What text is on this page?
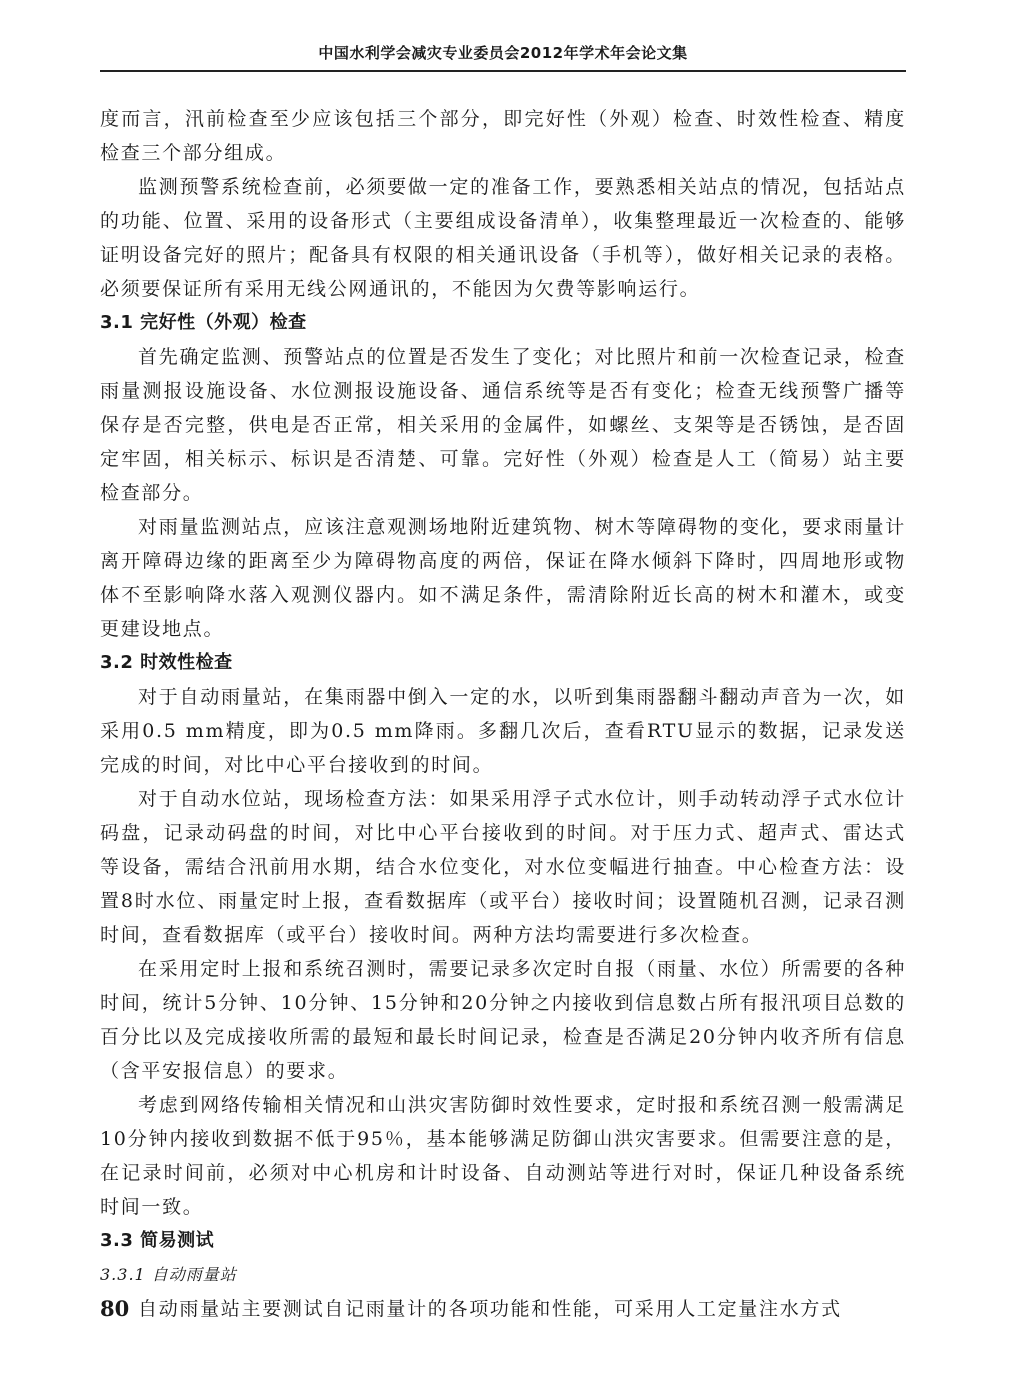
中国水利学会减灾专业委员会2012年学术年会论文集
度而言，汛前检查至少应该包括三个部分，即完好性（外观）检查、时效性检查、精度检查三个部分组成。
监测预警系统检查前，必须要做一定的准备工作，要熟悉相关站点的情况，包括站点的功能、位置、采用的设备形式（主要组成设备清单），收集整理最近一次检查的、能够证明设备完好的照片；配备具有权限的相关通讯设备（手机等），做好相关记录的表格。必须要保证所有采用无线公网通讯的，不能因为欠费等影响运行。
3.1 完好性（外观）检查
首先确定监测、预警站点的位置是否发生了变化；对比照片和前一次检查记录，检查雨量测报设施设备、水位测报设施设备、通信系统等是否有变化；检查无线预警广播等保存是否完整，供电是否正常，相关采用的金属件，如螺丝、支架等是否锈蚀，是否固定牢固，相关标示、标识是否清楚、可靠。完好性（外观）检查是人工（简易）站主要检查部分。
对雨量监测站点，应该注意观测场地附近建筑物、树木等障碍物的变化，要求雨量计离开障碍边缘的距离至少为障碍物高度的两倍，保证在降水倾斜下降时，四周地形或物体不至影响降水落入观测仪器内。如不满足条件，需清除附近长高的树木和灌木，或变更建设地点。
3.2 时效性检查
对于自动雨量站，在集雨器中倒入一定的水，以听到集雨器翻斗翻动声音为一次，如采用0.5 mm精度，即为0.5 mm降雨。多翻几次后，查看RTU显示的数据，记录发送完成的时间，对比中心平台接收到的时间。
对于自动水位站，现场检查方法：如果采用浮子式水位计，则手动转动浮子式水位计码盘，记录动码盘的时间，对比中心平台接收到的时间。对于压力式、超声式、雷达式等设备，需结合汛前用水期，结合水位变化，对水位变幅进行抽查。中心检查方法：设置8时水位、雨量定时上报，查看数据库（或平台）接收时间；设置随机召测，记录召测时间，查看数据库（或平台）接收时间。两种方法均需要进行多次检查。
在采用定时上报和系统召测时，需要记录多次定时自报（雨量、水位）所需要的各种时间，统计5分钟、10分钟、15分钟和20分钟之内接收到信息数占所有报汛项目总数的百分比以及完成接收所需的最短和最长时间记录，检查是否满足20分钟内收齐所有信息（含平安报信息）的要求。
考虑到网络传输相关情况和山洪灾害防御时效性要求，定时报和系统召测一般需满足10分钟内接收到数据不低于95％，基本能够满足防御山洪灾害要求。但需要注意的是，在记录时间前，必须对中心机房和计时设备、自动测站等进行对时，保证几种设备系统时间一致。
3.3 简易测试
3.3.1 自动雨量站
自动雨量站主要测试自记雨量计的各项功能和性能，可采用人工定量注水方式
80
